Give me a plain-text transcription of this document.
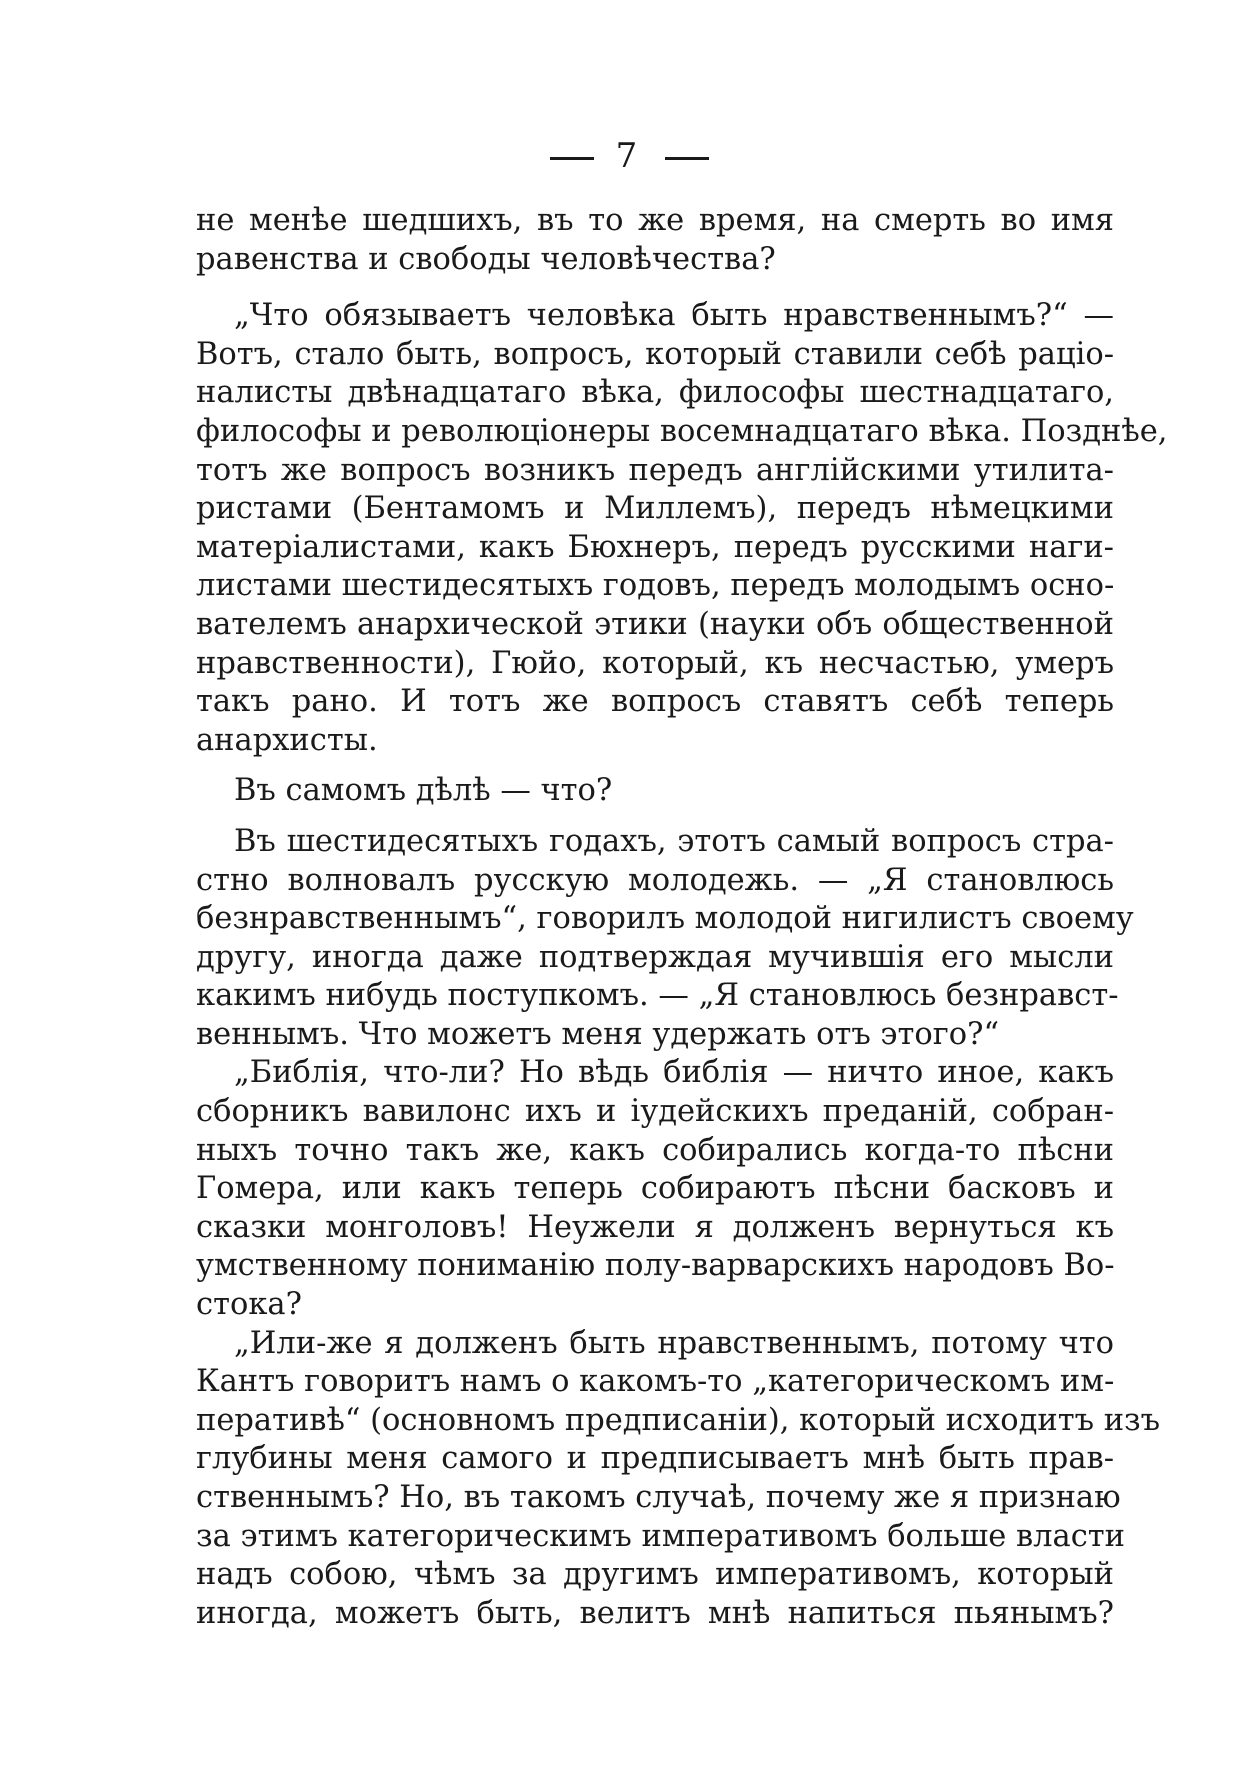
7

не менѣе шедшихъ, въ то же время, на смерть во имя
равенства и свободы человѣчества?

„Что обязываетъ человѣка быть нравственнымъ?“ —
Вотъ, стало быть, вопросъ, который ставили себѣ раціо-
налисты двѣнадцатаго вѣка, философы шестнадцатаго,
философы и революціонеры восемнадцатаго вѣка. Позднѣе,
тотъ же вопросъ возникъ передъ англійскими утилита-
ристами (Бентамомъ и Миллемъ), передъ нѣмецкими
матеріалистами, какъ Бюхнеръ, передъ русскими наги-
листами шестидесятыхъ годовъ, передъ молодымъ осно-
вателемъ анархической этики (науки объ общественной
нравственности), Гюйо, который, къ несчастью, умеръ
такъ рано. И тотъ же вопросъ ставятъ себѣ теперь
анархисты.

Въ самомъ дѣлѣ — что?

Въ шестидесятыхъ годахъ, этотъ самый вопросъ стра-
стно волновалъ русскую молодежь. — „Я становлюсь
безнравственнымъ“, говорилъ молодой нигилистъ своему
другу, иногда даже подтверждая мучившія его мысли
какимъ нибудь поступкомъ. — „Я становлюсь безнравст-
веннымъ. Что можетъ меня удержать отъ этого?“

„Библія, что-ли? Но вѣдь библія — ничто иное, какъ
сборникъ вавилонс ихъ и іудейскихъ преданій, собран-
ныхъ точно такъ же, какъ собирались когда-то пѣсни
Гомера, или какъ теперь собираютъ пѣсни басковъ и
сказки монголовъ! Неужели я долженъ вернуться къ
умственному пониманію полу-варварскихъ народовъ Во-
стока?

„Или-же я долженъ быть нравственнымъ, потому что
Кантъ говоритъ намъ о какомъ-то „категорическомъ им-
перативѣ“ (основномъ предписаніи), который исходитъ изъ
глубины меня самого и предписываетъ мнѣ быть прав-
ственнымъ? Но, въ такомъ случаѣ, почему же я признаю
за этимъ категорическимъ императивомъ больше власти
надъ собою, чѣмъ за другимъ императивомъ, который
иногда, можетъ быть, велитъ мнѣ напиться пьянымъ?
